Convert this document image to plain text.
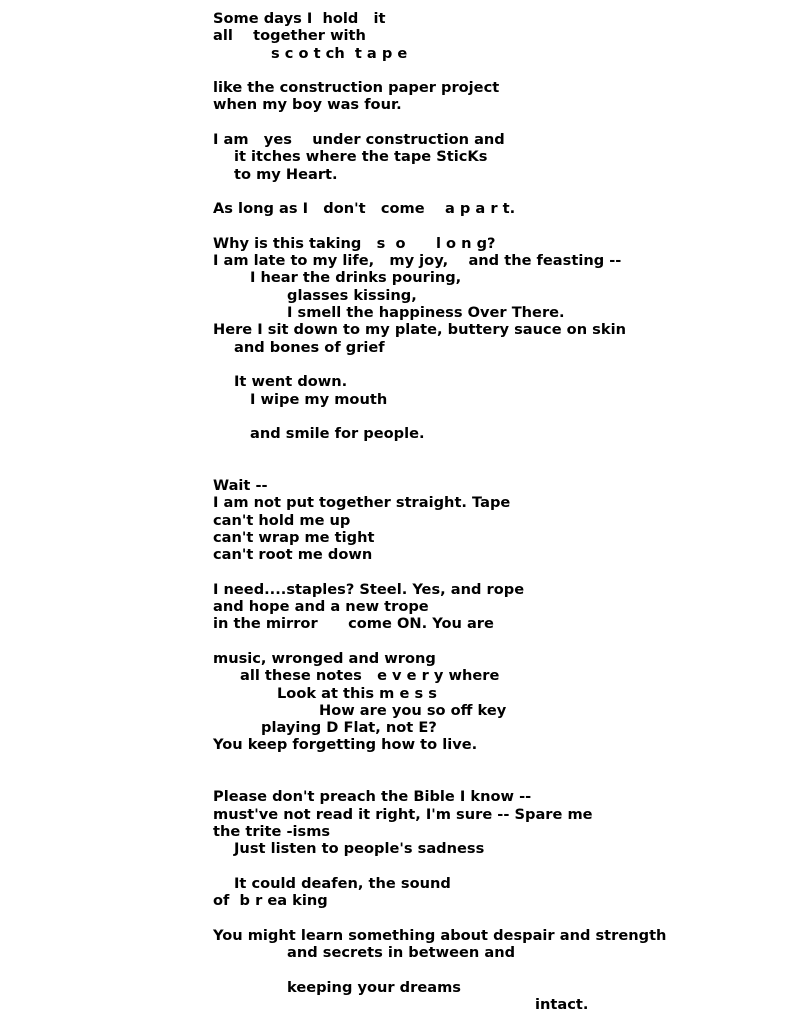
Some days I  hold   it
all    together with
s c o t ch  t a p e
like the construction paper project
when my boy was four.
I am   yes    under construction and
it itches where the tape SticKs
to my Heart.
As long as I   don't   come    a p a r t.
Why is this taking   s  o      l o n g?
I am late to my life,   my joy,    and the feasting --
I hear the drinks pouring,
glasses kissing,
I smell the happiness Over There.
Here I sit down to my plate, buttery sauce on skin
and bones of grief
It went down.
I wipe my mouth
and smile for people.
Wait --
I am not put together straight. Tape
can't hold me up
can't wrap me tight
can't root me down
I need....staples? Steel. Yes, and rope
and hope and a new trope
in the mirror      come ON. You are
music, wronged and wrong
all these notes   e v e r y where
Look at this m e s s
How are you so off key
playing D Flat, not E?
You keep forgetting how to live.
Please don't preach the Bible I know --
must've not read it right, I'm sure -- Spare me
the trite -isms
Just listen to people's sadness
It could deafen, the sound
of  b r ea king
You might learn something about despair and strength
and secrets in between and
keeping your dreams
intact.
